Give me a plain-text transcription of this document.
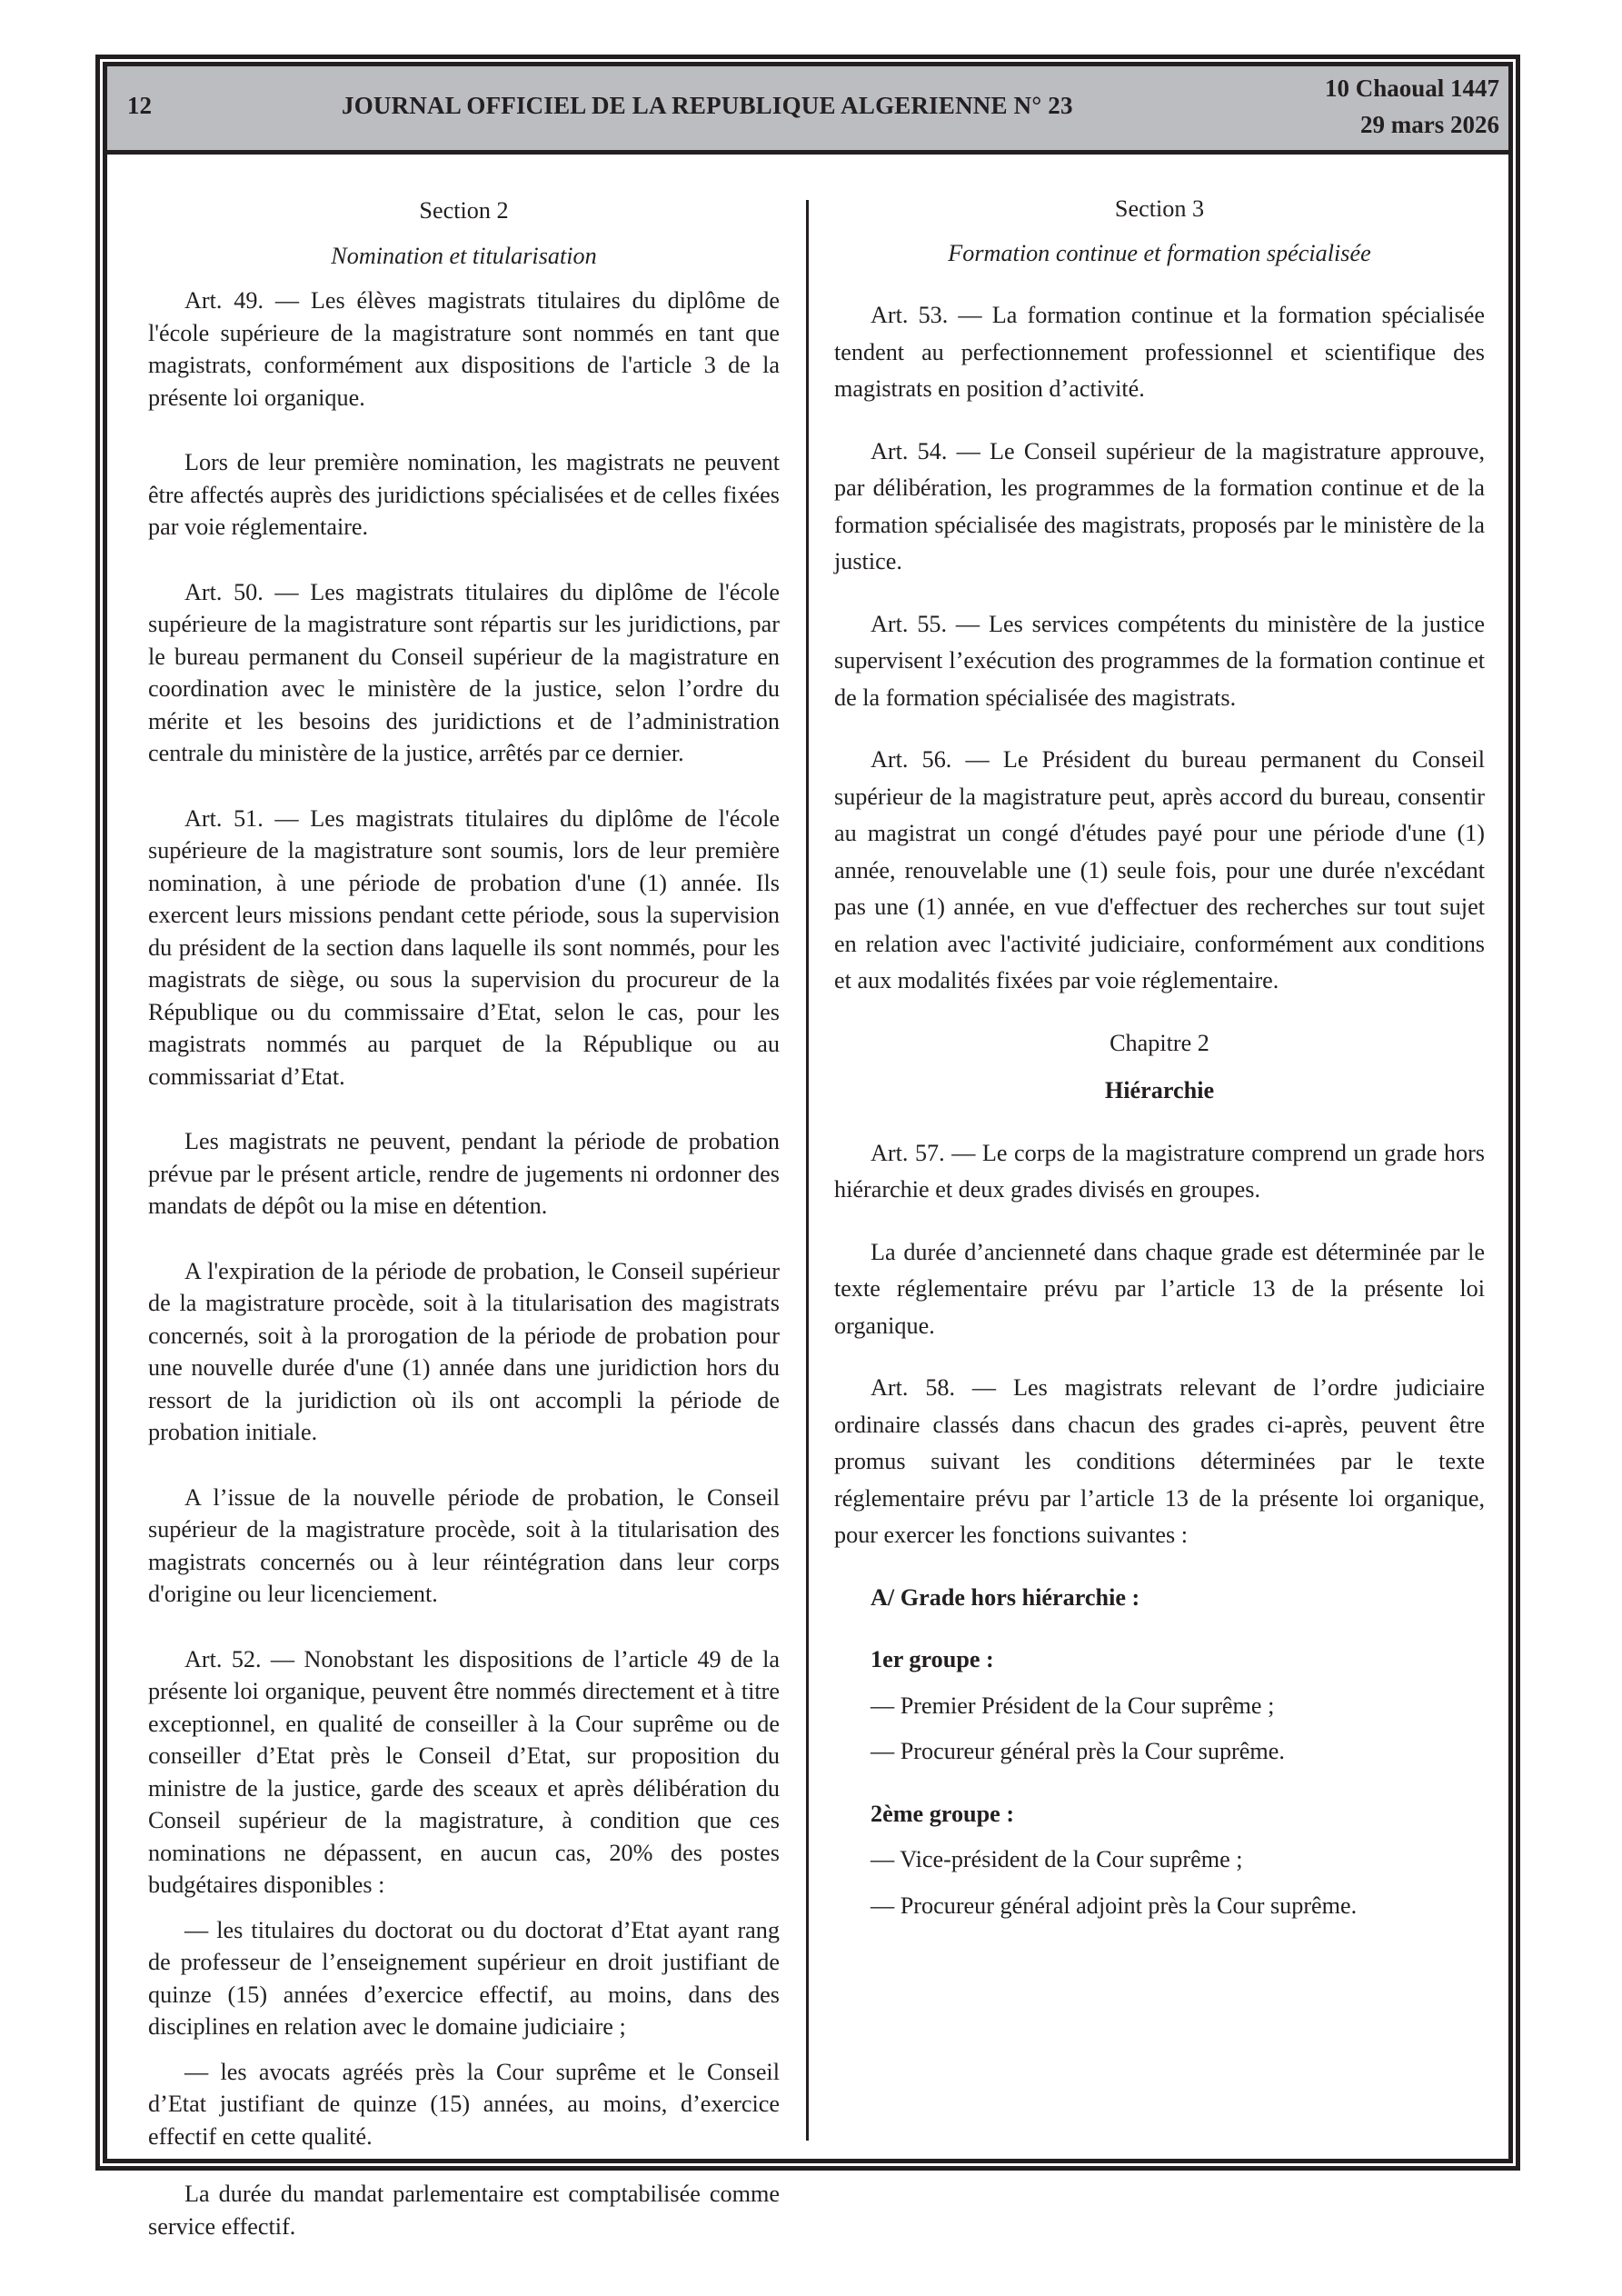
12	JOURNAL OFFICIEL DE LA REPUBLIQUE ALGERIENNE N° 23
10 Chaoual 1447
29 mars 2026

Section 2

Nomination et titularisation

Art. 49. — Les élèves magistrats titulaires du diplôme de l'école supérieure de la magistrature sont nommés en tant que magistrats, conformément aux dispositions de l'article 3 de la présente loi organique.

Lors de leur première nomination, les magistrats ne peuvent être affectés auprès des juridictions spécialisées et de celles fixées par voie réglementaire.

Art. 50. — Les magistrats titulaires du diplôme de l'école supérieure de la magistrature sont répartis sur les juridictions, par le bureau permanent du Conseil supérieur de la magistrature en coordination avec le ministère de la justice, selon l’ordre du mérite et les besoins des juridictions et de l’administration centrale du ministère de la justice, arrêtés par ce dernier.

Art. 51. — Les magistrats titulaires du diplôme de l'école supérieure de la magistrature sont soumis, lors de leur première nomination, à une période de probation d'une (1) année. Ils exercent leurs missions pendant cette période, sous la supervision du président de la section dans laquelle ils sont nommés, pour les magistrats de siège, ou sous la supervision du procureur de la République ou du commissaire d’Etat, selon le cas, pour les magistrats nommés au parquet de la République ou au commissariat d’Etat.

Les magistrats ne peuvent, pendant la période de probation prévue par le présent article, rendre de jugements ni ordonner des mandats de dépôt ou la mise en détention.

A l'expiration de la période de probation, le Conseil supérieur de la magistrature procède, soit à la titularisation des magistrats concernés, soit à la prorogation de la période de probation pour une nouvelle durée d'une (1) année dans une juridiction hors du ressort de la juridiction où ils ont accompli la période de probation initiale.

A l’issue de la nouvelle période de probation, le Conseil supérieur de la magistrature procède, soit à la titularisation des magistrats concernés ou à leur réintégration dans leur corps d'origine ou leur licenciement.

Art. 52. — Nonobstant les dispositions de l’article 49 de la présente loi organique, peuvent être nommés directement et à titre exceptionnel, en qualité de conseiller à la Cour suprême ou de conseiller d’Etat près le Conseil d’Etat, sur proposition du ministre de la justice, garde des sceaux et après délibération du Conseil supérieur de la magistrature, à condition que ces nominations ne dépassent, en aucun cas, 20% des postes budgétaires disponibles :

— les titulaires du doctorat ou du doctorat d’Etat ayant rang de professeur de l’enseignement supérieur en droit justifiant de quinze (15) années d’exercice effectif, au moins, dans des disciplines en relation avec le domaine judiciaire ;

— les avocats agréés près la Cour suprême et le Conseil d’Etat justifiant de quinze (15) années, au moins, d’exercice effectif en cette qualité.

La durée du mandat parlementaire est comptabilisée comme service effectif.

Section 3

Formation continue et formation spécialisée

Art. 53. — La formation continue et la formation spécialisée tendent au perfectionnement professionnel et scientifique des magistrats en position d’activité.

Art. 54. — Le Conseil supérieur de la magistrature approuve, par délibération, les programmes de la formation continue et de la formation spécialisée des magistrats, proposés par le ministère de la justice.

Art. 55. — Les services compétents du ministère de la justice supervisent l’exécution des programmes de la formation continue et de la formation spécialisée des magistrats.

Art. 56. — Le Président du bureau permanent du Conseil supérieur de la magistrature peut, après accord du bureau, consentir au magistrat un congé d'études payé pour une période d'une (1) année, renouvelable une (1) seule fois, pour une durée n'excédant pas une (1) année, en vue d'effectuer des recherches sur tout sujet en relation avec l'activité judiciaire, conformément aux conditions et aux modalités fixées par voie réglementaire.

Chapitre 2

Hiérarchie

Art. 57. — Le corps de la magistrature comprend un grade hors hiérarchie et deux grades divisés en groupes.

La durée d’ancienneté dans chaque grade est déterminée par le texte réglementaire prévu par l’article 13 de la présente loi organique.

Art. 58. — Les magistrats relevant de l’ordre judiciaire ordinaire classés dans chacun des grades ci-après, peuvent être promus suivant les conditions déterminées par le texte réglementaire prévu par l’article 13 de la présente loi organique, pour exercer les fonctions suivantes :

A/ Grade hors hiérarchie :

1er groupe :

— Premier Président de la Cour suprême ;

— Procureur général près la Cour suprême.

2ème groupe :

— Vice-président de la Cour suprême ;

— Procureur général adjoint près la Cour suprême.
